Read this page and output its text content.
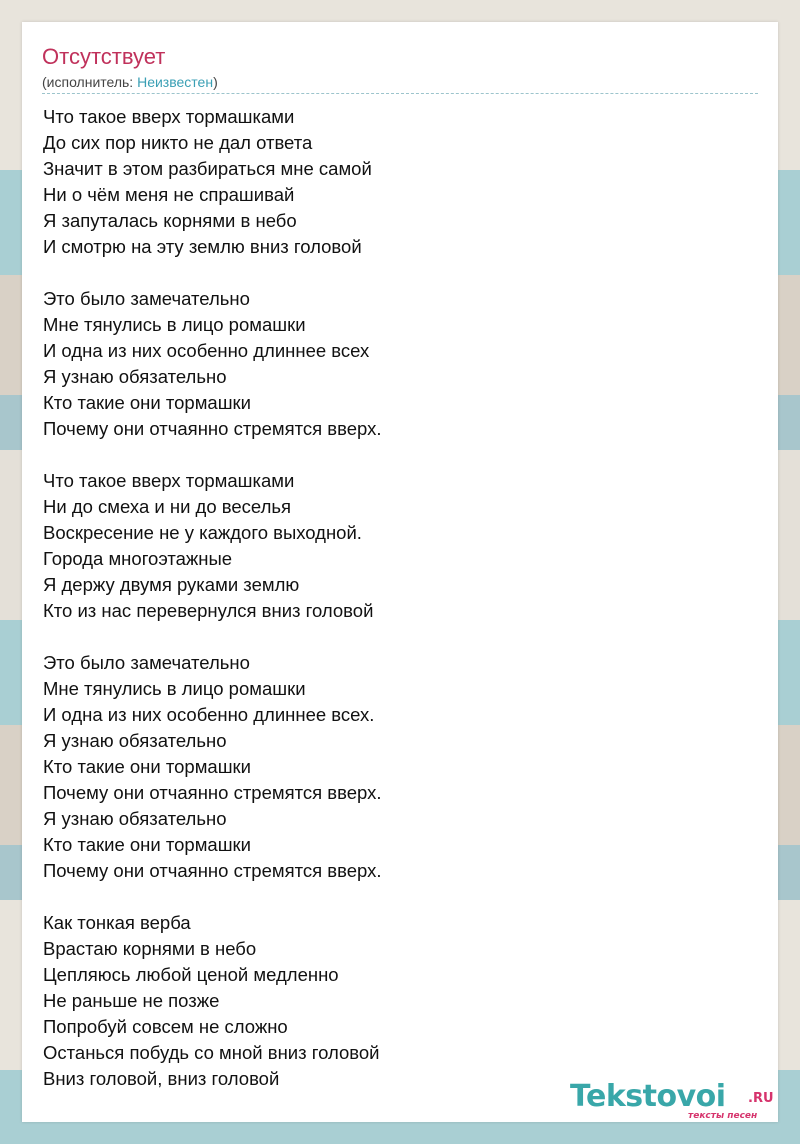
Отсутствует
(исполнитель: Неизвестен)
Что такое вверх тормашками
До сих пор никто не дал ответа
Значит в этом разбираться мне самой
Ни о чём меня не спрашивай
Я запуталась корнями в небо
И смотрю на эту землю вниз головой
Это было замечательно
Мне тянулись в лицо ромашки
И одна из них особенно длиннее всех
Я узнаю обязательно
Кто такие они тормашки
Почему они отчаянно стремятся вверх.
Что такое вверх тормашками
Ни до смеха и ни до веселья
Воскресение не у каждого выходной.
Города многоэтажные
Я держу двумя руками землю
Кто из нас перевернулся вниз головой
Это было замечательно
Мне тянулись в лицо ромашки
И одна из них особенно длиннее всех.
Я узнаю обязательно
Кто такие они тормашки
Почему они отчаянно стремятся вверх.
Я узнаю обязательно
Кто такие они тормашки
Почему они отчаянно стремятся вверх.
Как тонкая верба
Врастаю корнями в небо
Цепляюсь любой ценой медленно
Не раньше не позже
Попробуй совсем не сложно
Останься побудь со мной вниз головой
Вниз головой, вниз головой
Tekstovoi .RU
тексты песен
